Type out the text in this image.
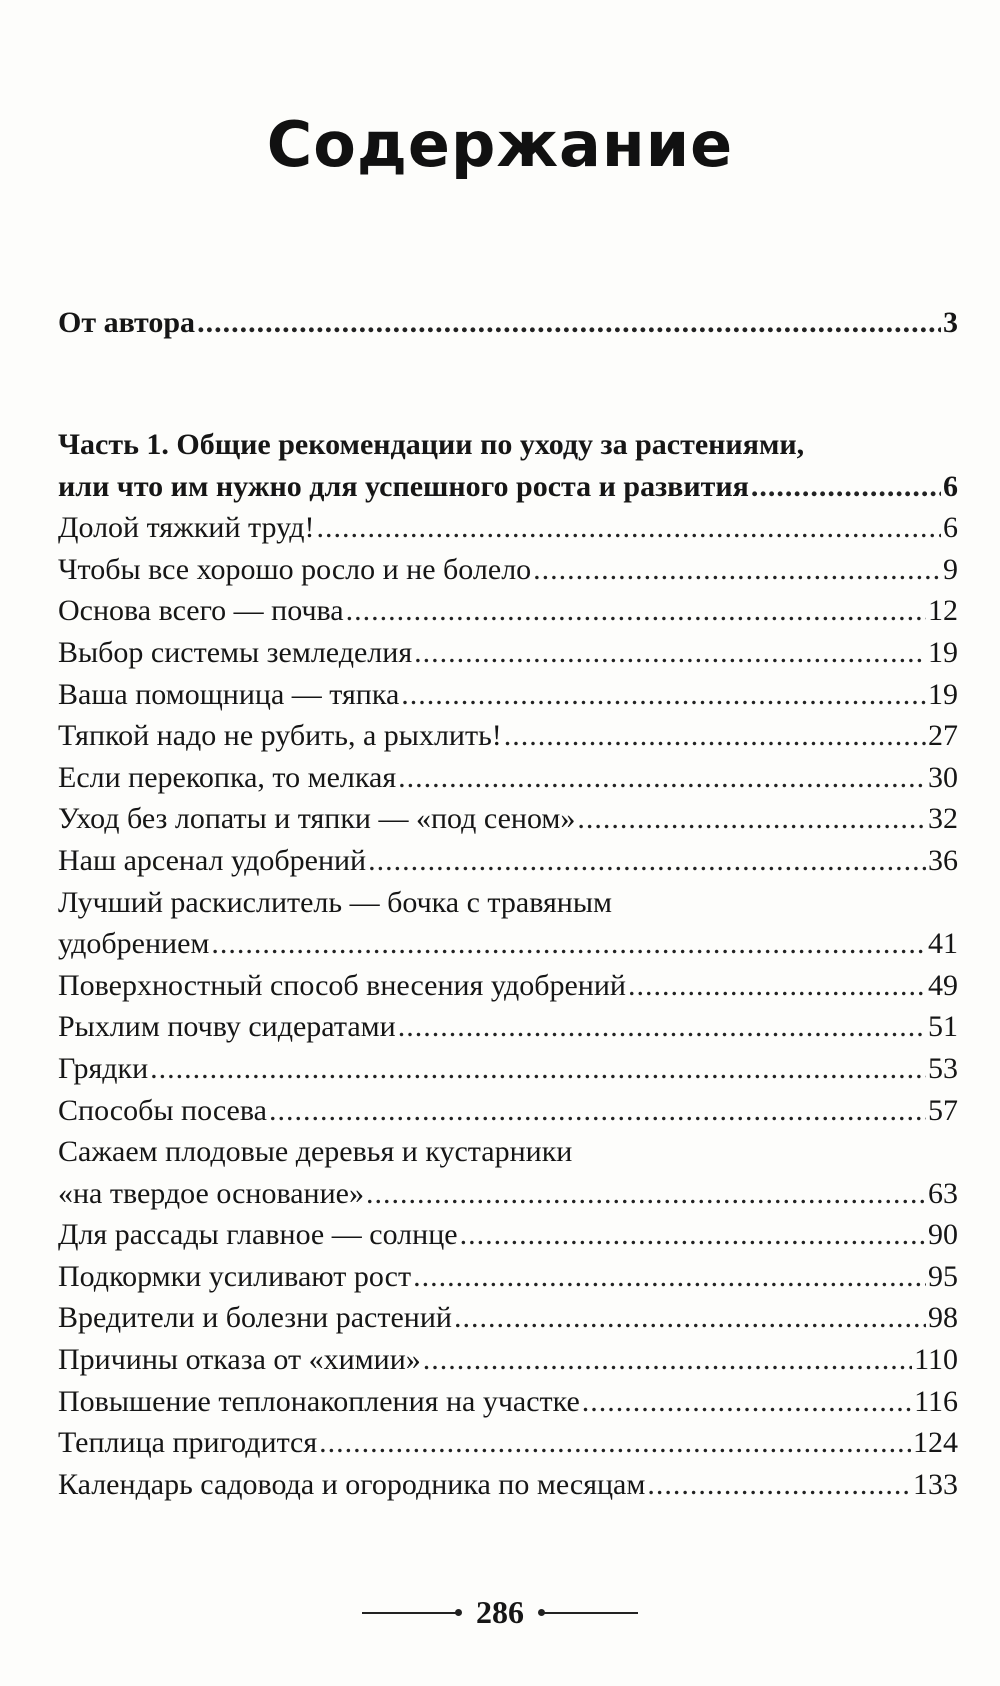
Содержание
От автора .....	3
Часть 1. Общие рекомендации по уходу за растениями,
или что им нужно для успешного роста и развития .....	6
Долой тяжкий труд! .....	6
Чтобы все хорошо росло и не болело .....	9
Основа всего — почва .....	12
Выбор системы земледелия .....	19
Ваша помощница — тяпка .....	19
Тяпкой надо не рубить, а рыхлить! .....	27
Если перекопка, то мелкая .....	30
Уход без лопаты и тяпки — «под сеном» .....	32
Наш арсенал удобрений .....	36
Лучший раскислитель — бочка с травяным
удобрением .....	41
Поверхностный способ внесения удобрений .....	49
Рыхлим почву сидератами .....	51
Грядки .....	53
Способы посева .....	57
Сажаем плодовые деревья и кустарники
«на твердое основание» .....	63
Для рассады главное — солнце .....	90
Подкормки усиливают рост .....	95
Вредители и болезни растений .....	98
Причины отказа от «химии» .....	110
Повышение теплонакопления на участке .....	116
Теплица пригодится .....	124
Календарь садовода и огородника по месяцам .....	133
286
